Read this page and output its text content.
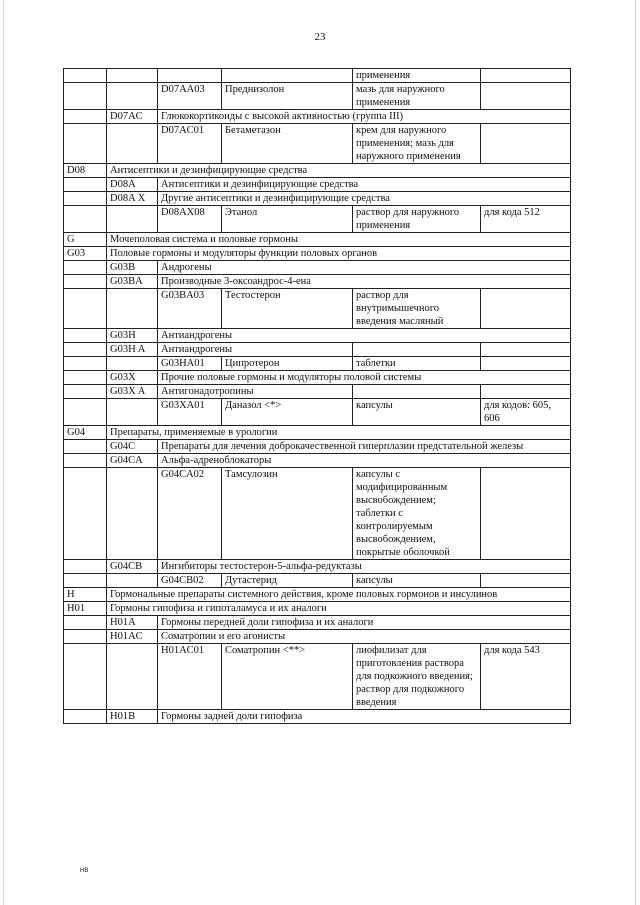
23
				применения	
		D07AA03	Преднизолон	мазь для наружного применения	
	D07AC	Глюкокортикоиды с высокой активностью (группа III)			
		D07AC01	Бетаметазон	крем для наружного применения; мазь для наружного применения	
D08	Антисептики и дезинфицирующие средства				
	D08A	Антисептики и дезинфицирующие средства			
	D08A X	Другие антисептики и дезинфицирующие средства			
		D08AX08	Этанол	раствор для наружного применения	для кода 512
G	Мочеполовая система и половые гормоны				
G03	Половые гормоны и модуляторы функции половых органов				
	G03B	Андрогены			
	G03BA	Производные 3-оксоандрос-4-ена			
		G03BA03	Тестостерон	раствор для внутримышечного введения масляный	
	G03H	Антиандрогены			
	G03H A	Антиандрогены			
		G03HA01	Ципротерон	таблетки	
	G03X	Прочие половые гормоны и модуляторы половой системы			
	G03X A	Антигонадотропины			
		G03XA01	Даназол <*>	капсулы	для кодов: 605, 606
G04	Препараты, применяемые в урологии				
	G04C	Препараты для лечения доброкачественной гиперплазии предстательной железы			
	G04CA	Альфа-адреноблокаторы			
		G04CA02	Тамсулозин	капсулы с модифицированным высвобождением; таблетки с контролируемым высвобождением, покрытые оболочкой	
	G04CB	Ингибиторы тестостерон-5-альфа-редуктазы			
		G04CB02	Дутастерид	капсулы	
H	Гормональные препараты системного действия, кроме половых гормонов и инсулинов				
H01	Гормоны гипофиза и гипоталамуса и их аналоги				
	H01A	Гормоны передней доли гипофиза и их аналоги			
	H01AC	Соматропин и его агонисты			
		H01AC01	Соматропин <**>	лиофилизат для приготовления раствора для подкожного введения; раствор для подкожного введения	для кода 543
	H01B	Гормоны задней доли гипофиза			
НВ
